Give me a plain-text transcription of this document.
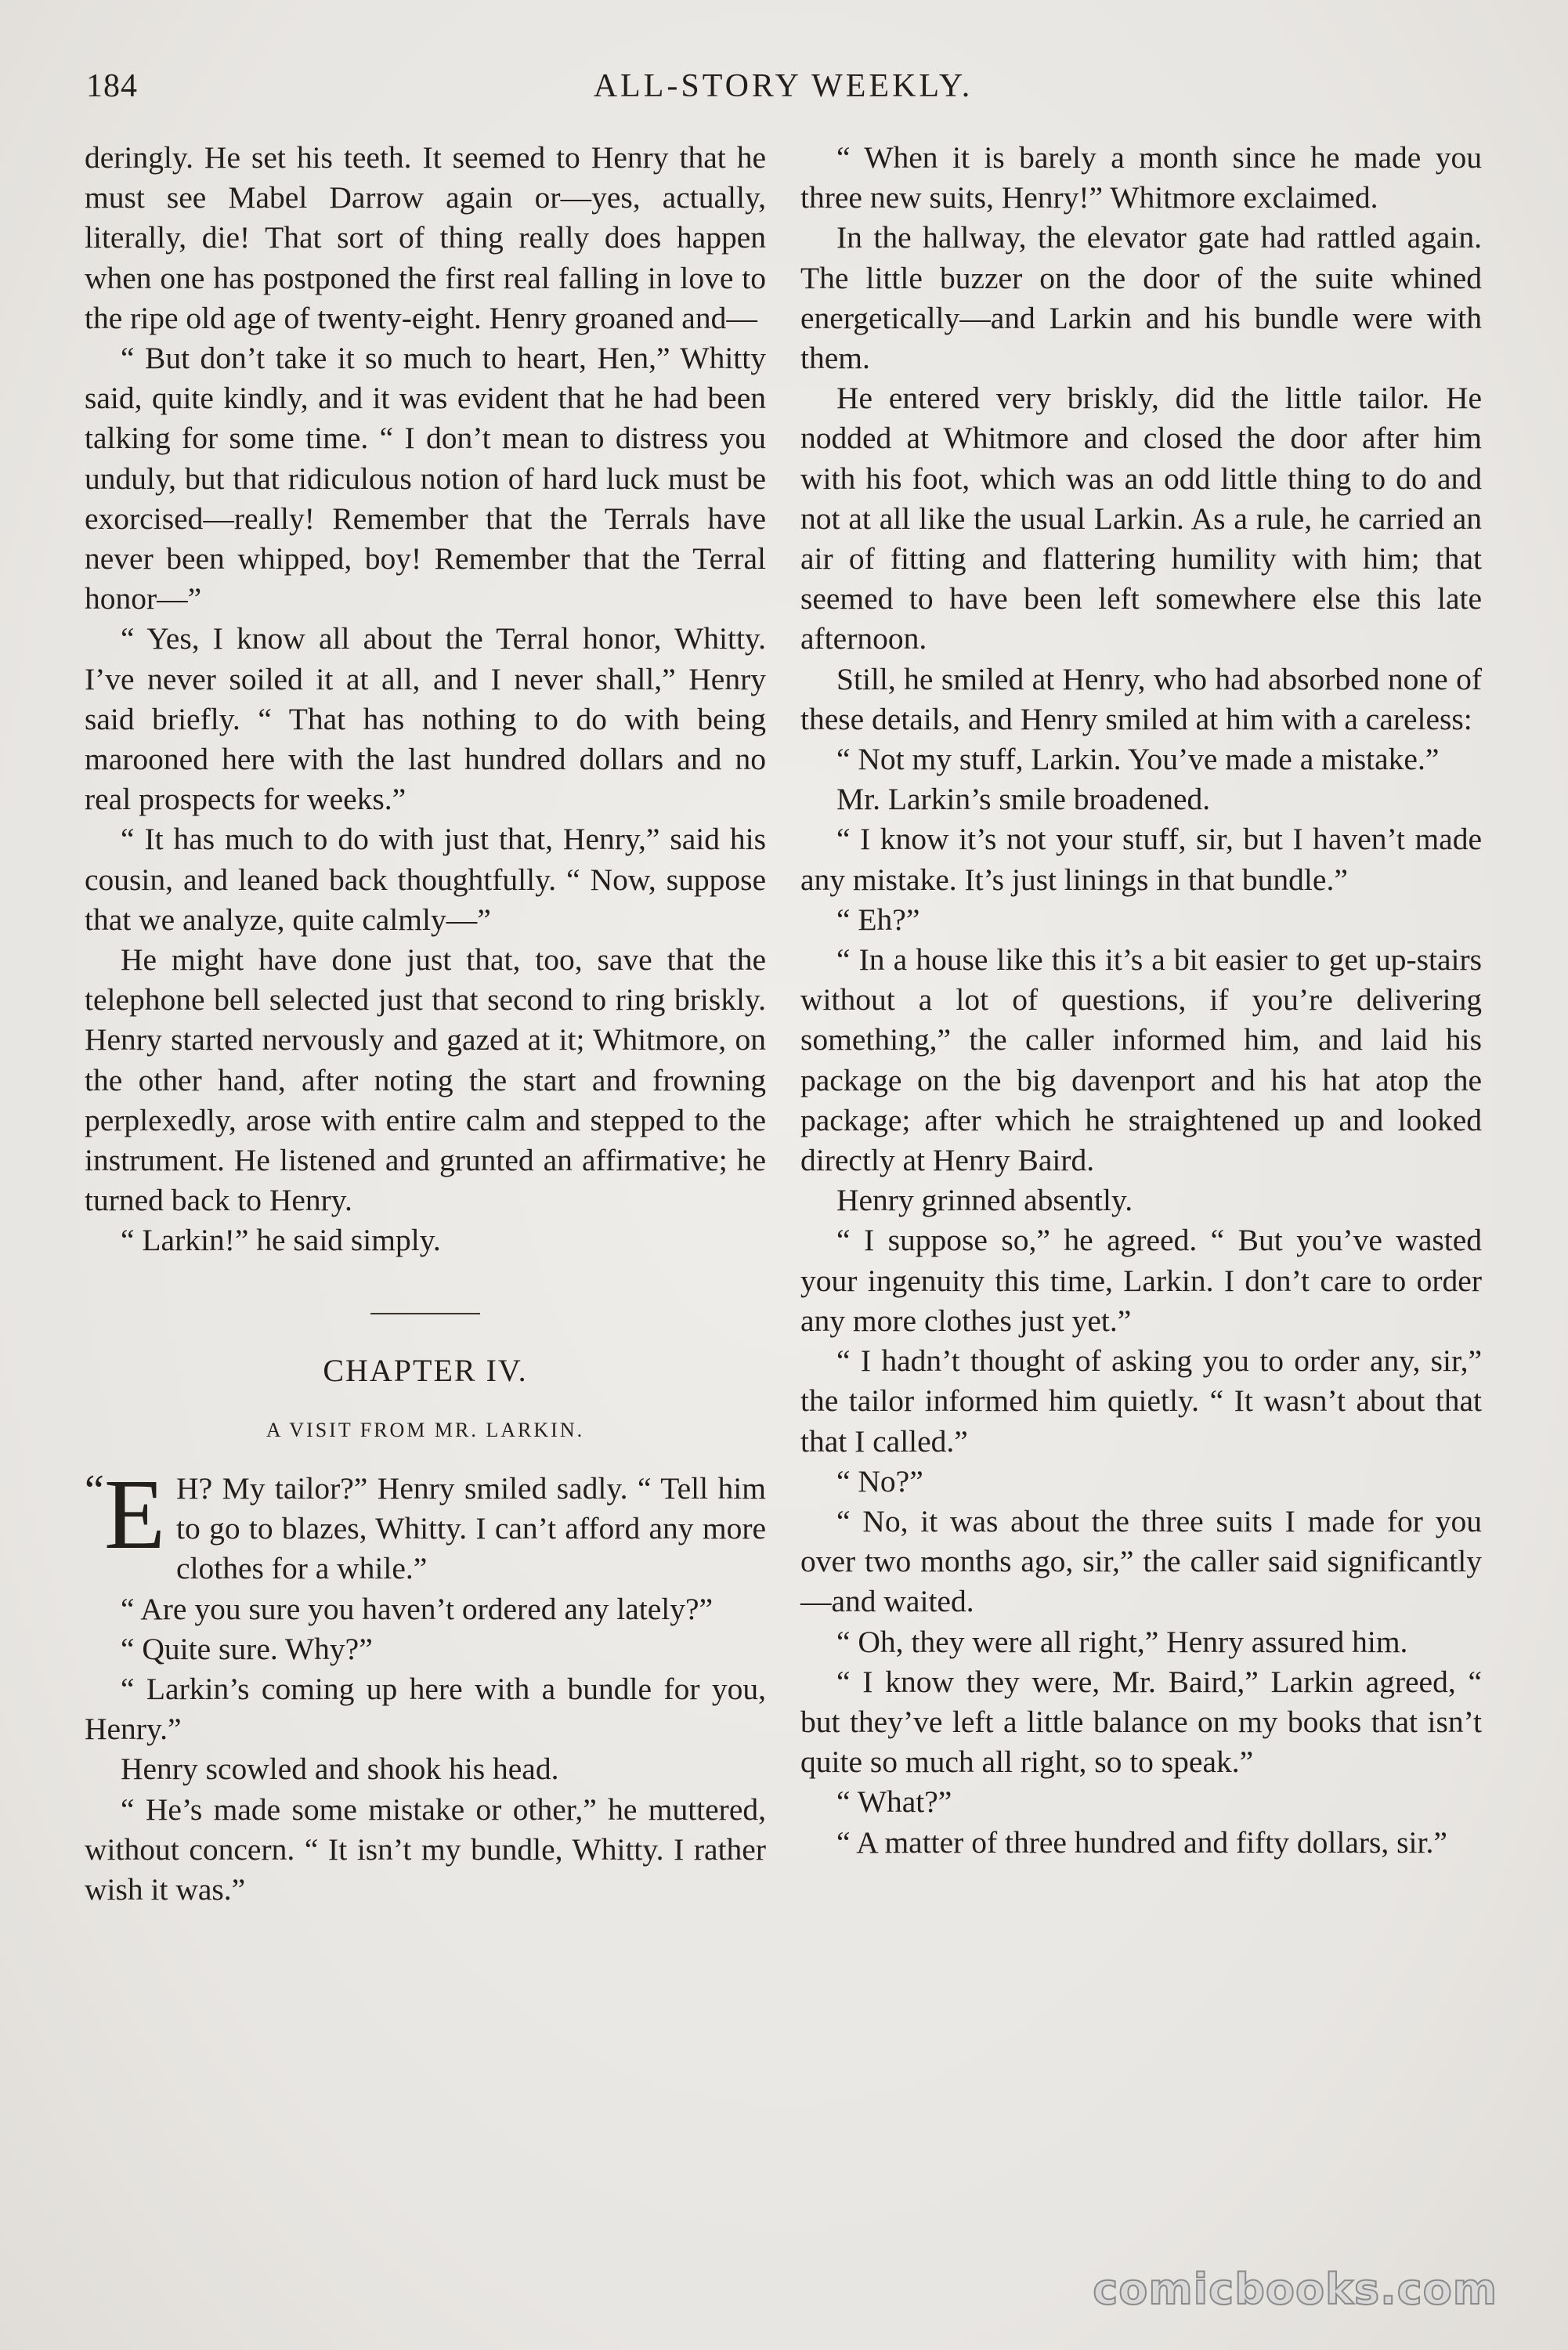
184	ALL-STORY WEEKLY.

deringly. He set his teeth. It seemed to Henry that he must see Mabel Darrow again or—yes, actually, literally, die! That sort of thing really does happen when one has postponed the first real falling in love to the ripe old age of twenty-eight. Henry groaned and—

“ But don’t take it so much to heart, Hen,” Whitty said, quite kindly, and it was evident that he had been talking for some time. “ I don’t mean to distress you unduly, but that ridiculous notion of hard luck must be exorcised—really! Remember that the Terrals have never been whipped, boy! Remember that the Terral honor—”

“ Yes, I know all about the Terral honor, Whitty. I’ve never soiled it at all, and I never shall,” Henry said briefly. “ That has nothing to do with being marooned here with the last hundred dollars and no real prospects for weeks.”

“ It has much to do with just that, Henry,” said his cousin, and leaned back thoughtfully. “ Now, suppose that we analyze, quite calmly—”

He might have done just that, too, save that the telephone bell selected just that second to ring briskly. Henry started nervously and gazed at it; Whitmore, on the other hand, after noting the start and frowning perplexedly, arose with entire calm and stepped to the instrument. He listened and grunted an affirmative; he turned back to Henry.

“ Larkin!” he said simply.

CHAPTER IV.
A VISIT FROM MR. LARKIN.

“E H? My tailor?” Henry smiled sadly. “ Tell him to go to blazes, Whitty. I can’t afford any more clothes for a while.”

“ Are you sure you haven’t ordered any lately?”

“ Quite sure. Why?”

“ Larkin’s coming up here with a bundle for you, Henry.”

Henry scowled and shook his head.

“ He’s made some mistake or other,” he muttered, without concern. “ It isn’t my bundle, Whitty. I rather wish it was.”

“ When it is barely a month since he made you three new suits, Henry!” Whitmore exclaimed.

In the hallway, the elevator gate had rattled again. The little buzzer on the door of the suite whined energetically—and Larkin and his bundle were with them.

He entered very briskly, did the little tailor. He nodded at Whitmore and closed the door after him with his foot, which was an odd little thing to do and not at all like the usual Larkin. As a rule, he carried an air of fitting and flattering humility with him; that seemed to have been left somewhere else this late afternoon.

Still, he smiled at Henry, who had absorbed none of these details, and Henry smiled at him with a careless:

“ Not my stuff, Larkin. You’ve made a mistake.”

Mr. Larkin’s smile broadened.

“ I know it’s not your stuff, sir, but I haven’t made any mistake. It’s just linings in that bundle.”

“ Eh?”

“ In a house like this it’s a bit easier to get up-stairs without a lot of questions, if you’re delivering something,” the caller informed him, and laid his package on the big davenport and his hat atop the package; after which he straightened up and looked directly at Henry Baird.

Henry grinned absently.

“ I suppose so,” he agreed. “ But you’ve wasted your ingenuity this time, Larkin. I don’t care to order any more clothes just yet.”

“ I hadn’t thought of asking you to order any, sir,” the tailor informed him quietly. “ It wasn’t about that that I called.”

“ No?”

“ No, it was about the three suits I made for you over two months ago, sir,” the caller said significantly—and waited.

“ Oh, they were all right,” Henry assured him.

“ I know they were, Mr. Baird,” Larkin agreed, “ but they’ve left a little balance on my books that isn’t quite so much all right, so to speak.”

“ What?”

“ A matter of three hundred and fifty dollars, sir.”

comicbooks.com
